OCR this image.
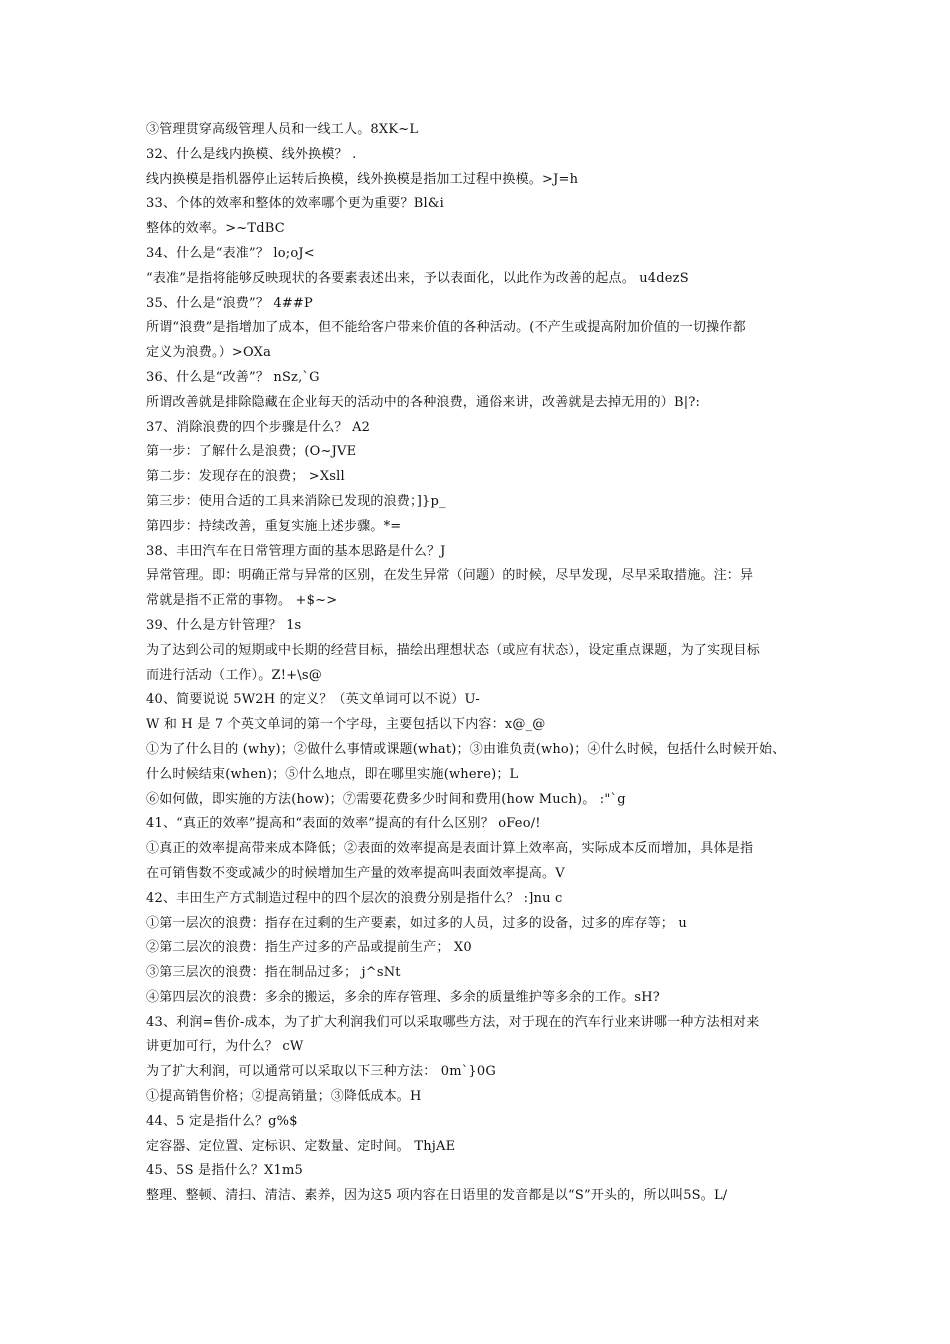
③管理贯穿高级管理人员和一线工人。8XK~L
32、什么是线内换模、线外换模？ .
线内换模是指机器停止运转后换模，线外换模是指加工过程中换模。>J=h
33、个体的效率和整体的效率哪个更为重要？Bl&i
整体的效率。>~TdBC
34、什么是“表准”？ lo;oJ<
“表准”是指将能够反映现状的各要素表述出来，予以表面化，以此作为改善的起点。 u4dezS
35、什么是“浪费”？ 4##P
所谓“浪费”是指增加了成本，但不能给客户带来价值的各种活动。(不产生或提高附加价值的一切操作都
定义为浪费。）>OXa
36、什么是“改善”？ nSz,`G
所谓改善就是排除隐藏在企业每天的活动中的各种浪费，通俗来讲，改善就是去掉无用的）B|?:
37、消除浪费的四个步骤是什么？ A2
第一步：了解什么是浪费；(O~JVE
第二步：发现存在的浪费； >Xsll
第三步：使用合适的工具来消除已发现的浪费；]}p_
第四步：持续改善，重复实施上述步骤。*=
38、丰田汽车在日常管理方面的基本思路是什么？J
异常管理。即：明确正常与异常的区别，在发生异常（问题）的时候，尽早发现，尽早采取措施。注：异
常就是指不正常的事物。 +$~>
39、什么是方针管理？ 1s
为了达到公司的短期或中长期的经营目标，描绘出理想状态（或应有状态），设定重点课题，为了实现目标
而进行活动（工作）。Z!+\s@
40、简要说说 5W2H 的定义？（英文单词可以不说）U-
W 和 H 是 7 个英文单词的第一个字母，主要包括以下内容：x@_@
①为了什么目的 (why)；②做什么事情或课题(what)；③由谁负责(who)；④什么时候，包括什么时候开始、
什么时候结束(when)；⑤什么地点，即在哪里实施(where)；L
⑥如何做，即实施的方法(how)；⑦需要花费多少时间和费用(how Much)。 :"`g
41、“真正的效率”提高和“表面的效率”提高的有什么区别？ oFeo/!
①真正的效率提高带来成本降低；②表面的效率提高是表面计算上效率高，实际成本反而增加，具体是指
在可销售数不变或减少的时候增加生产量的效率提高叫表面效率提高。V
42、丰田生产方式制造过程中的四个层次的浪费分别是指什么？ :]nu c
①第一层次的浪费：指存在过剩的生产要素，如过多的人员，过多的设备，过多的库存等； u
②第二层次的浪费：指生产过多的产品或提前生产； X0
③第三层次的浪费：指在制品过多； j^sNt
④第四层次的浪费：多余的搬运，多余的库存管理、多余的质量维护等多余的工作。sH?
43、利润=售价-成本，为了扩大利润我们可以采取哪些方法，对于现在的汽车行业来讲哪一种方法相对来
讲更加可行，为什么？ cW
为了扩大利润，可以通常可以采取以下三种方法： 0m`}0G
①提高销售价格；②提高销量；③降低成本。H
44、5 定是指什么？g%$
定容器、定位置、定标识、定数量、定时间。 ThjAE
45、5S 是指什么？X1m5
整理、整顿、清扫、清洁、素养，因为这5 项内容在日语里的发音都是以“S”开头的，所以叫5S。L/
